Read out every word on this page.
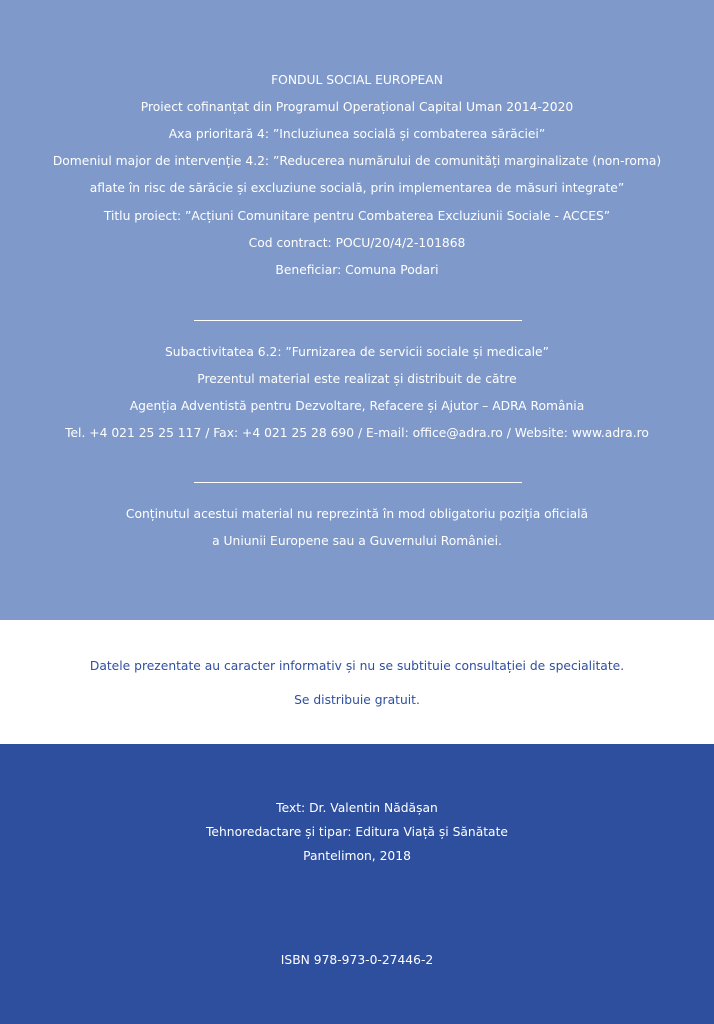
FONDUL SOCIAL EUROPEAN
Proiect cofinanțat din Programul Operațional Capital Uman 2014-2020
Axa prioritară 4: ”Incluziunea socială și combaterea sărăciei”
Domeniul major de intervenție 4.2: ”Reducerea numărului de comunități marginalizate (non-roma)
aflate în risc de sărăcie și excluziune socială, prin implementarea de măsuri integrate”
Titlu proiect: ”Acțiuni Comunitare pentru Combaterea Excluziunii Sociale - ACCES”
Cod contract: POCU/20/4/2-101868
Beneficiar: Comuna Podari
Subactivitatea 6.2: ”Furnizarea de servicii sociale și medicale”
Prezentul material este realizat și distribuit de către
Agenția Adventistă pentru Dezvoltare, Refacere și Ajutor – ADRA România
Tel. +4 021 25 25 117 / Fax: +4 021 25 28 690 / E-mail: office@adra.ro / Website: www.adra.ro
Conținutul acestui material nu reprezintă în mod obligatoriu poziția oficială
a Uniunii Europene sau a Guvernului României.
Datele prezentate au caracter informativ și nu se subtituie consultației de specialitate.
Se distribuie gratuit.
Text: Dr. Valentin Nădășan
Tehnoredactare și tipar: Editura Viață și Sănătate
Pantelimon, 2018
ISBN 978-973-0-27446-2
